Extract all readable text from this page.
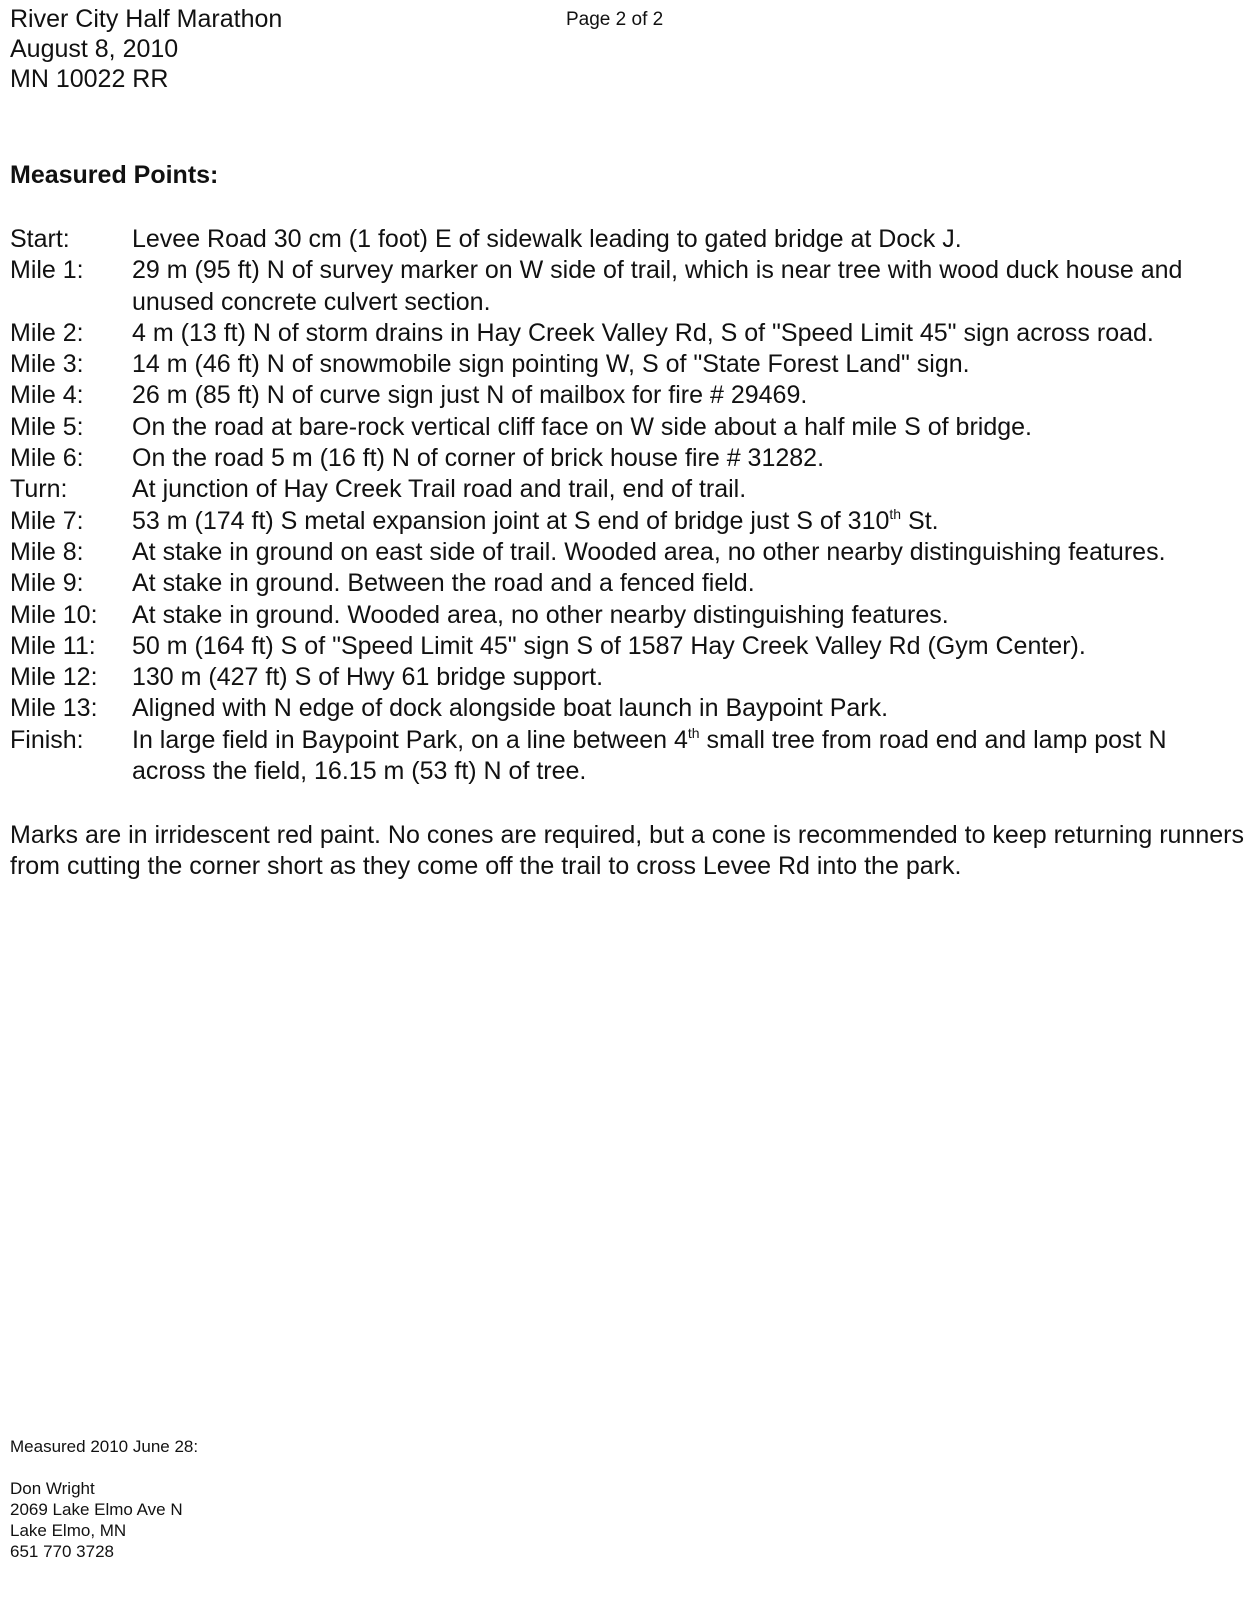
River City Half Marathon
August 8, 2010
MN 10022 RR
Page 2 of 2
Measured Points:
Start:	Levee Road 30 cm (1 foot) E of sidewalk leading to gated bridge at Dock J.
Mile 1:	29 m (95 ft) N of survey marker on W side of trail, which is near tree with wood duck house and unused concrete culvert section.
Mile 2:	4 m (13 ft) N of storm drains in Hay Creek Valley Rd, S of "Speed Limit 45" sign across road.
Mile 3:	14 m (46 ft) N of snowmobile sign pointing W, S of "State Forest Land" sign.
Mile 4:	26 m (85 ft) N of curve sign just N of mailbox for fire # 29469.
Mile 5:	On the road at bare-rock vertical cliff face on W side about a half mile S of bridge.
Mile 6:	On the road 5 m (16 ft) N of corner of brick house fire # 31282.
Turn:	At junction of Hay Creek Trail road and trail, end of trail.
Mile 7:	53 m (174 ft) S metal expansion joint at S end of bridge just S of 310th St.
Mile 8:	At stake in ground on east side of trail. Wooded area, no other nearby distinguishing features.
Mile 9:	At stake in ground. Between the road and a fenced field.
Mile 10:	At stake in ground. Wooded area, no other nearby distinguishing features.
Mile 11:	50 m (164 ft) S of "Speed Limit 45" sign S of 1587 Hay Creek Valley Rd (Gym Center).
Mile 12:	130 m (427 ft) S of Hwy 61 bridge support.
Mile 13:	Aligned with N edge of dock alongside boat launch in Baypoint Park.
Finish:	In large field in Baypoint Park, on a line between 4th small tree from road end and lamp post N across the field, 16.15 m (53 ft) N of tree.
Marks are in irridescent red paint. No cones are required, but a cone is recommended to keep returning runners from cutting the corner short as they come off the trail to cross Levee Rd into the park.
Measured 2010 June 28:
Don Wright
2069 Lake Elmo Ave N
Lake Elmo, MN
651 770 3728
